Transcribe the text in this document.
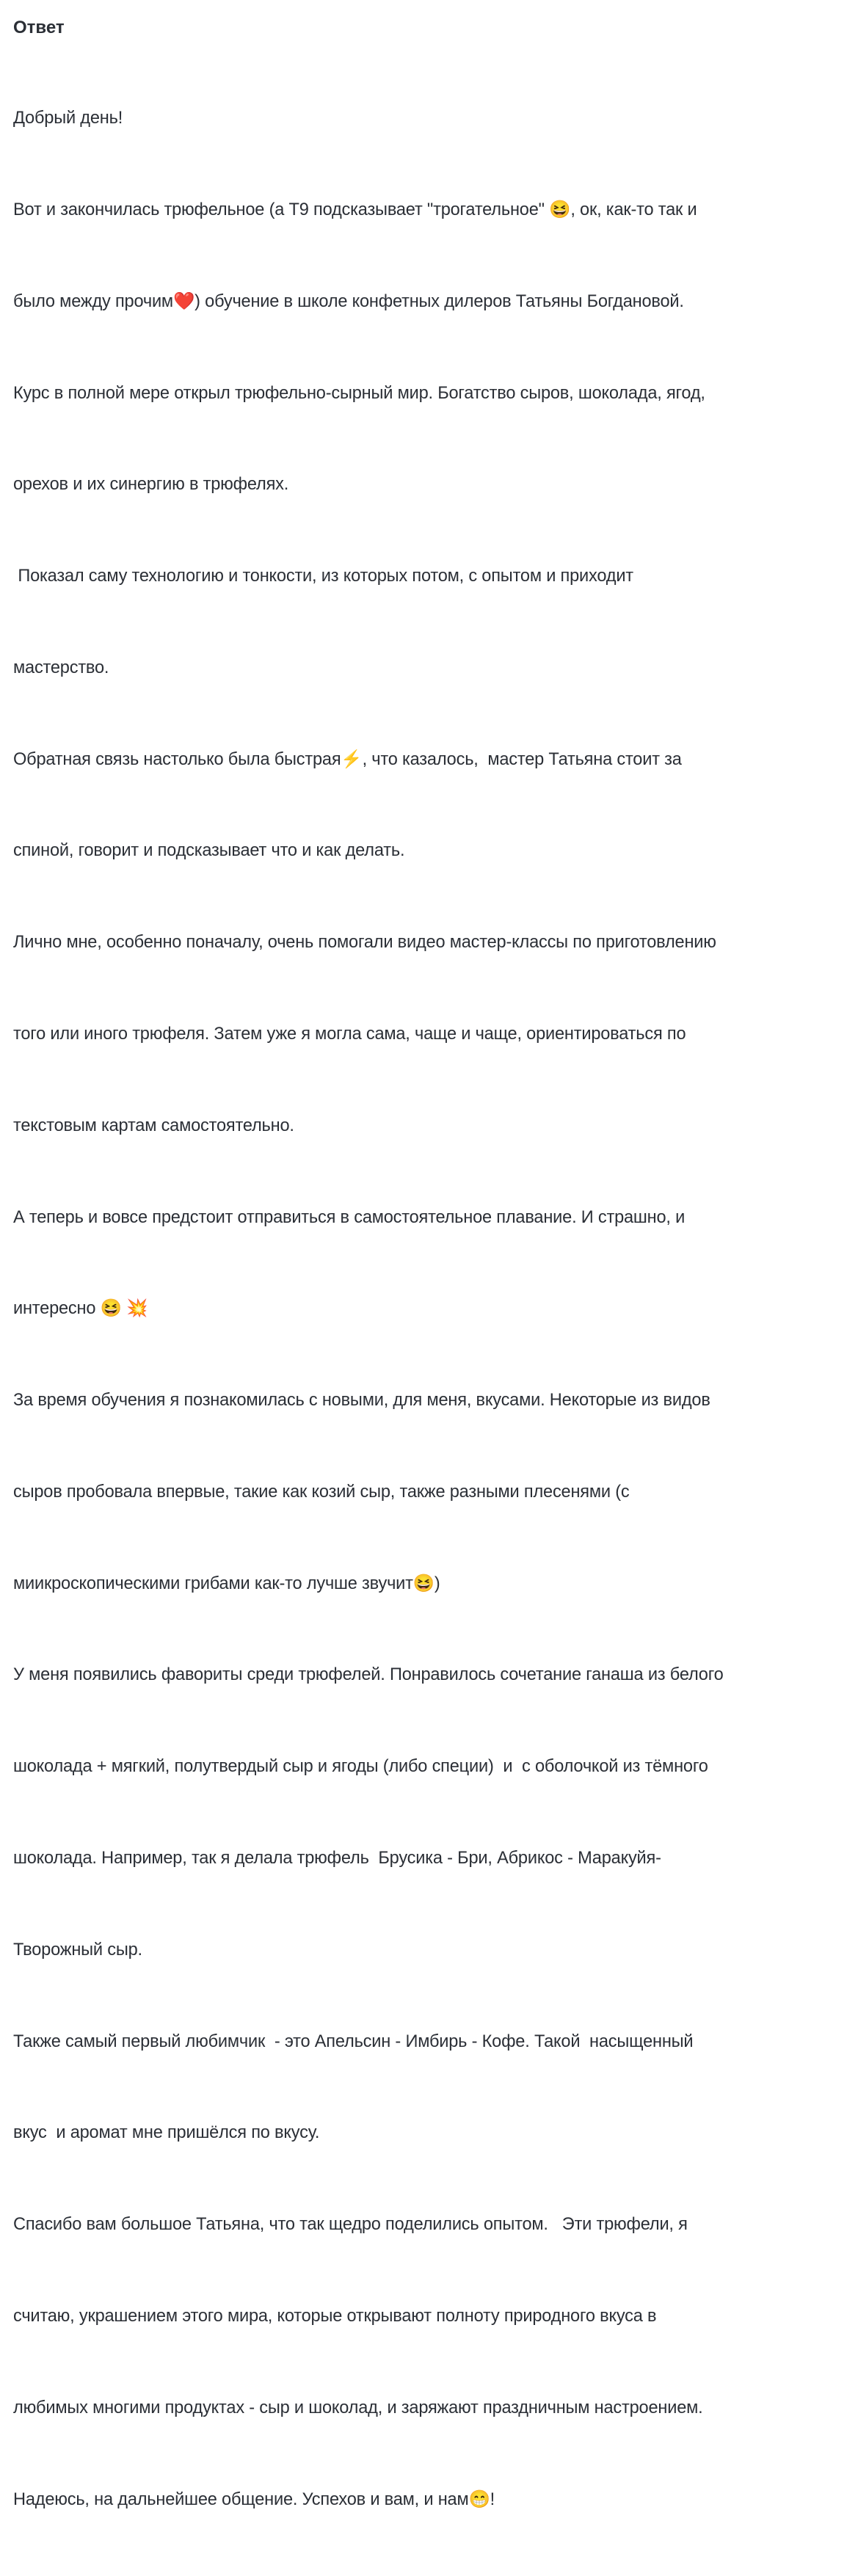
Ответ

Добрый день!

Вот и закончилась трюфельное (а Т9 подсказывает "трогательное" 😆, ок, как-то так и

было между прочим❤️) обучение в школе конфетных дилеров Татьяны Богдановой.

Курс в полной мере открыл трюфельно-сырный мир. Богатство сыров, шоколада, ягод,

орехов и их синергию в трюфелях.

Показал саму технологию и тонкости, из которых потом, с опытом и приходит

мастерство.

Обратная связь настолько была быстрая⚡️, что казалось,  мастер Татьяна стоит за

спиной, говорит и подсказывает что и как делать.

Лично мне, особенно поначалу, очень помогали видео мастер-классы по приготовлению

того или иного трюфеля. Затем уже я могла сама, чаще и чаще, ориентироваться по

текстовым картам самостоятельно.

А теперь и вовсе предстоит отправиться в самостоятельное плавание. И страшно, и

интересно 😆 💥

За время обучения я познакомилась с новыми, для меня, вкусами. Некоторые из видов

сыров пробовала впервые, такие как козий сыр, также разными плесенями (с

миикроскопическими грибами как-то лучше звучит😆)

У меня появились фавориты среди трюфелей. Понравилось сочетание ганаша из белого

шоколада + мягкий, полутвердый сыр и ягоды (либо специи)  и  с оболочкой из тёмного

шоколада. Например, так я делала трюфель  Брусика - Бри, Абрикос - Маракуйя-

Творожный сыр.

Также самый первый любимчик  - это Апельсин - Имбирь - Кофе. Такой  насыщенный

вкус  и аромат мне пришёлся по вкусу.

Спасибо вам большое Татьяна, что так щедро поделились опытом.   Эти трюфели, я

считаю, украшением этого мира, которые открывают полноту природного вкуса в

любимых многими продуктах - сыр и шоколад, и заряжают праздничным настроением.

Надеюсь, на дальнейшее общение. Успехов и вам, и нам😁!
